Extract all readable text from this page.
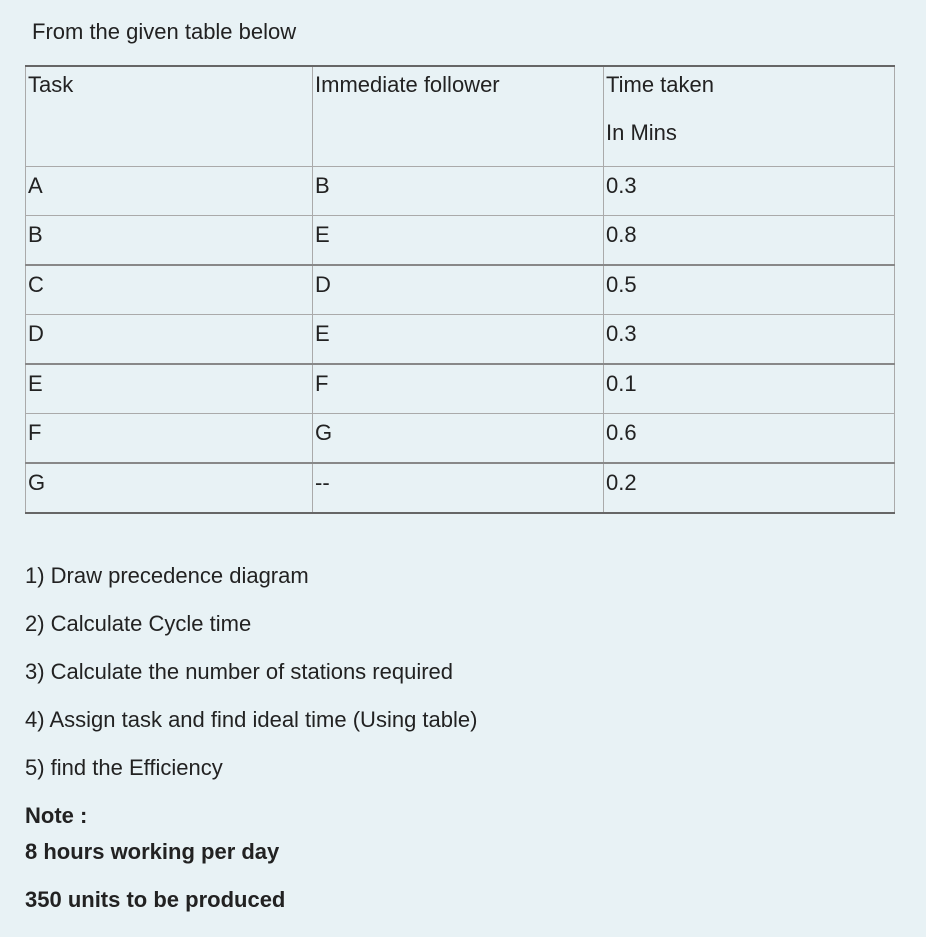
From the given table below
Task	Immediate follower	Time taken
In Mins

A	B	0.3
B	E	0.8
C	D	0.5
D	E	0.3
E	F	0.1
F	G	0.6
G	--	0.2
1) Draw precedence diagram
2) Calculate Cycle time
3) Calculate the number of stations required
4) Assign task and find ideal time (Using table)
5) find the Efficiency
Note :
8 hours working per day
350 units to be produced
